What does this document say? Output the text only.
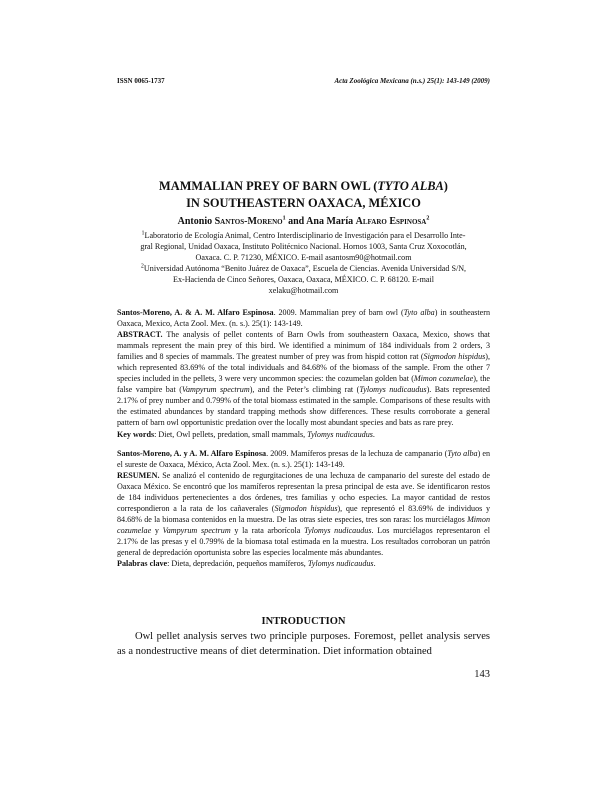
ISSN 0065-1737	Acta Zoológica Mexicana (n.s.) 25(1): 143-149 (2009)
MAMMALIAN PREY OF BARN OWL (TYTO ALBA)
IN SOUTHEASTERN OAXACA, MÉXICO
Antonio Santos-Moreno$^1$ and Ana María Alfaro Espinosa$^2$
$^1$Laboratorio de Ecología Animal, Centro Interdisciplinario de Investigación para el Desarrollo Inte-
gral Regional, Unidad Oaxaca, Instituto Politécnico Nacional. Hornos 1003, Santa Cruz Xoxocotlán,
Oaxaca. C. P. 71230, MÉXICO. E-mail asantosm90@hotmail.com
$^2$Universidad Autónoma “Benito Juárez de Oaxaca”, Escuela de Ciencias. Avenida Universidad S/N,
Ex-Hacienda de Cinco Señores, Oaxaca, Oaxaca, MÉXICO. C. P. 68120. E-mail
xelaku@hotmail.com

Santos-Moreno, A. & A. M. Alfaro Espinosa. 2009. Mammalian prey of barn owl (Tyto alba) in southeastern Oaxaca, Mexico, Acta Zool. Mex. (n. s.). 25(1): 143-149.
ABSTRACT. The analysis of pellet contents of Barn Owls from southeastern Oaxaca, Mexico, shows that mammals represent the main prey of this bird. We identified a minimum of 184 individuals from 2 orders, 3 families and 8 species of mammals. The greatest number of prey was from hispid cotton rat (Sigmodon hispidus), which represented 83.69% of the total individuals and 84.68% of the biomass of the sample. From the other 7 species included in the pellets, 3 were very uncommon species: the cozumelan golden bat (Mimon cozumelae), the false vampire bat (Vampyrum spectrum), and the Peter’s climbing rat (Tylomys nudicaudus). Bats represented 2.17% of prey number and 0.799% of the total biomass estimated in the sample. Comparisons of these results with the estimated abundances by standard trapping methods show differences. These results corroborate a general pattern of barn owl opportunistic predation over the locally most abundant species and bats as rare prey.
Key words: Diet, Owl pellets, predation, small mammals, Tylomys nudicaudus.

Santos-Moreno, A. y A. M. Alfaro Espinosa. 2009. Mamíferos presas de la lechuza de campanario (Tyto alba) en el sureste de Oaxaca, México, Acta Zool. Mex. (n. s.). 25(1): 143-149.
RESUMEN. Se analizó el contenido de regurgitaciones de una lechuza de campanario del sureste del estado de Oaxaca México. Se encontró que los mamíferos representan la presa principal de esta ave. Se identificaron restos de 184 individuos pertenecientes a dos órdenes, tres familias y ocho especies. La mayor cantidad de restos correspondieron a la rata de los cañaverales (Sigmodon hispidus), que representó el 83.69% de individuos y 84.68% de la biomasa contenidos en la muestra. De las otras siete especies, tres son raras: los murciélagos Mimon cozumelae y Vampyrum spectrum y la rata arborícola Tylomys nudicaudus. Los murciélagos representaron el 2.17% de las presas y el 0.799% de la biomasa total estimada en la muestra. Los resultados corroboran un patrón general de depredación oportunista sobre las especies localmente más abundantes.
Palabras clave: Dieta, depredación, pequeños mamíferos, Tylomys nudicaudus.

INTRODUCTION

Owl pellet analysis serves two principle purposes. Foremost, pellet analysis serves as a nondestructive means of diet determination. Diet information obtained

143
